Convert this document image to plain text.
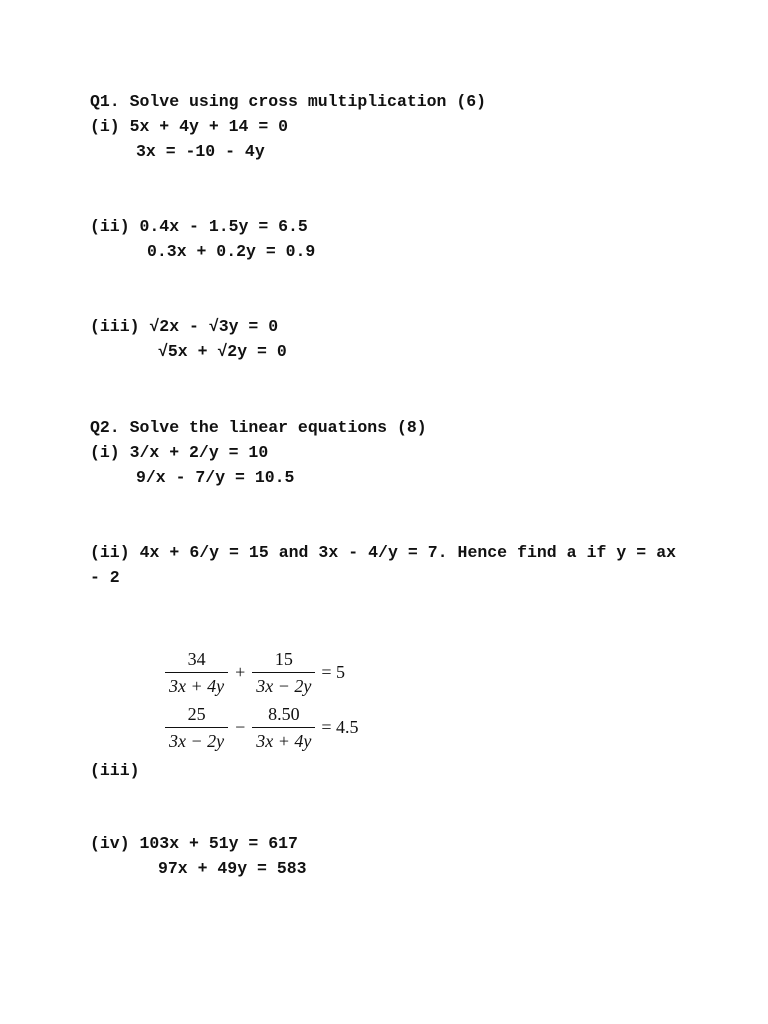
Q1. Solve using cross multiplication (6)

(i) 5x + 4y + 14 = 0

3x = -10 - 4y

(ii) 0.4x - 1.5y = 6.5

0.3x + 0.2y = 0.9

(iii) √2x - √3y = 0

√5x + √2y = 0

Q2. Solve the linear equations (8)

(i) 3/x + 2/y = 10

9/x - 7/y = 10.5

(ii) 4x + 6/y = 15 and 3x - 4/y = 7. Hence find a if y = ax - 2

$\frac{34}{3x + 4y} + \frac{15}{3x - 2y} = 5$
$\frac{25}{3x - 2y} - \frac{8.50}{3x + 4y} = 4.5$

(iii)

(iv) 103x + 51y = 617

97x + 49y = 583
